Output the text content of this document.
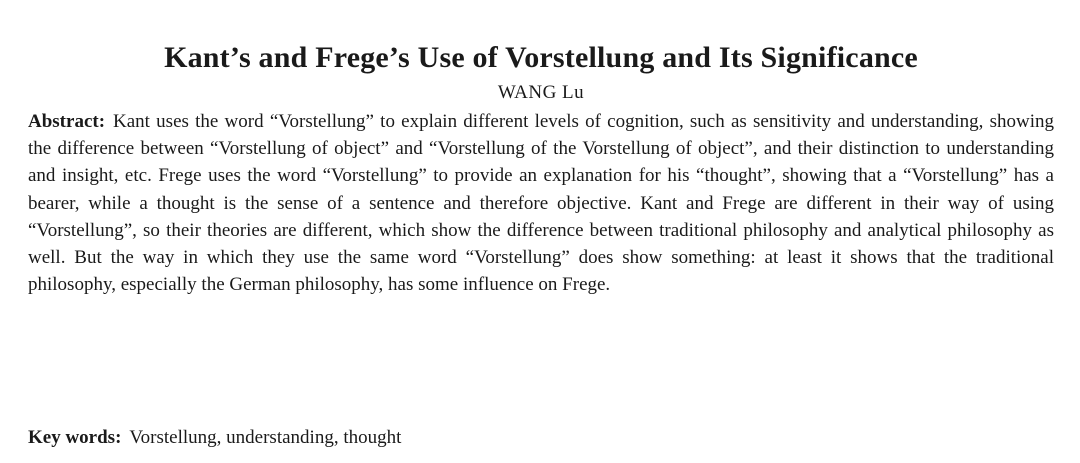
Kant’s and Frege’s Use of Vorstellung and Its Significance

WANG Lu

Abstract: Kant uses the word “Vorstellung” to explain different levels of cognition, such as sensitivity and understanding, showing the difference between “Vorstellung of object” and “Vorstellung of the Vorstellung of object”, and their distinction to understanding and insight, etc. Frege uses the word “Vorstellung” to provide an explanation for his “thought”, showing that a “Vorstellung” has a bearer, while a thought is the sense of a sentence and therefore objective. Kant and Frege are different in their way of using “Vorstellung”, so their theories are different, which show the difference between traditional philosophy and analytical philosophy as well. But the way in which they use the same word “Vorstellung” does show something: at least it shows that the traditional philosophy, especially the German philosophy, has some influence on Frege.

Key words: Vorstellung, understanding, thought
